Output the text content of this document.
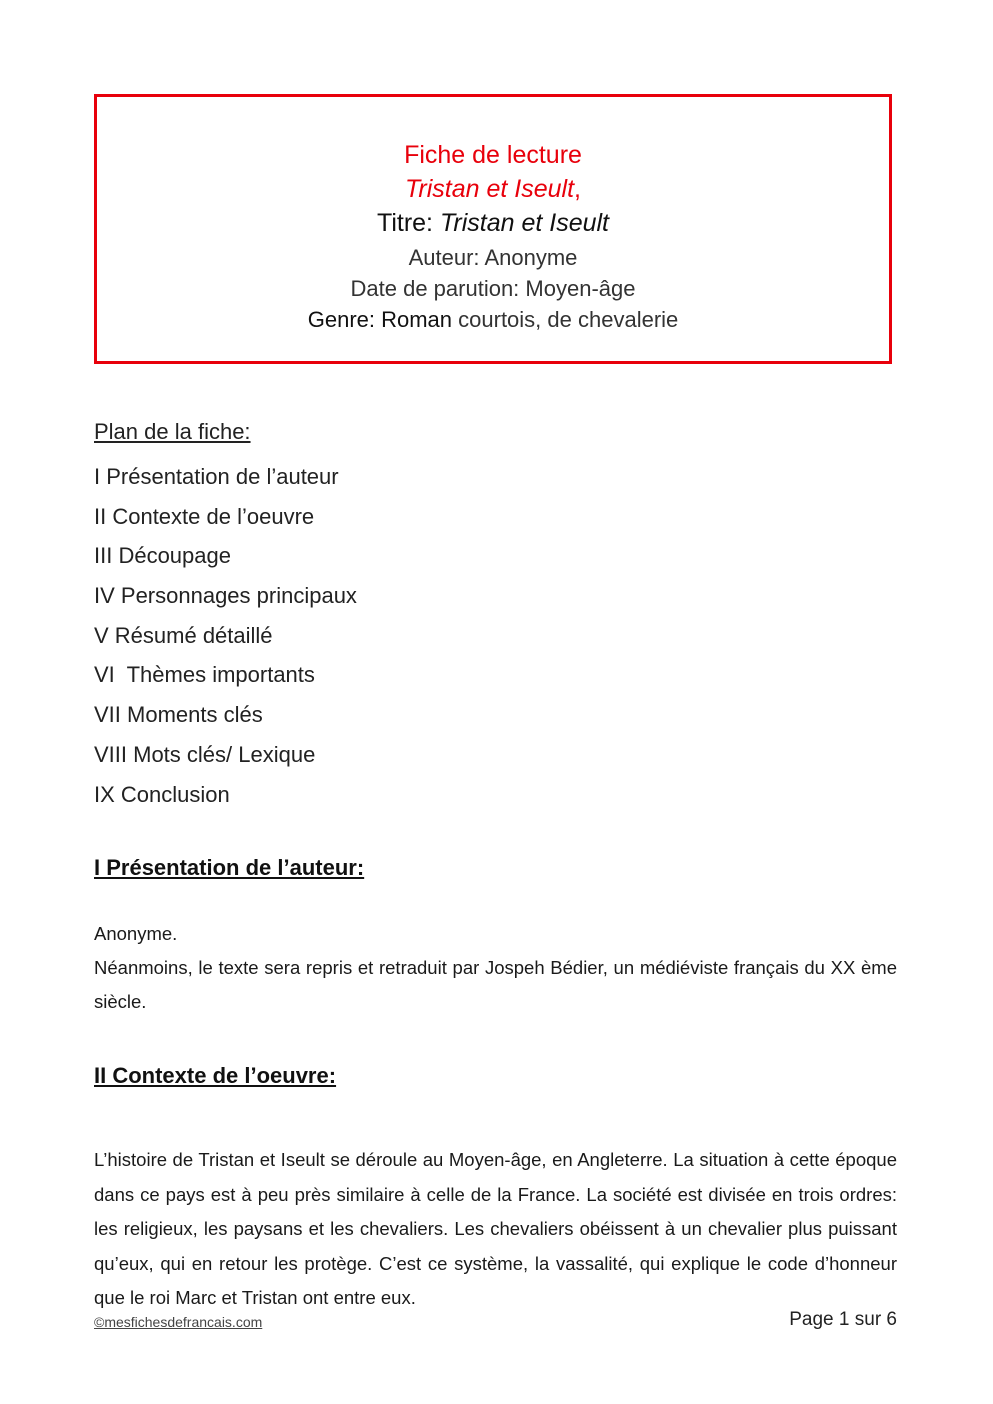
Fiche de lecture
Tristan et Iseult,
Titre: Tristan et Iseult
Auteur: Anonyme
Date de parution: Moyen-âge
Genre: Roman courtois, de chevalerie
Plan de la fiche:
I Présentation de l’auteur
II Contexte de l’oeuvre
III Découpage
IV Personnages principaux
V Résumé détaillé
VI  Thèmes importants
VII Moments clés
VIII Mots clés/ Lexique
IX Conclusion
I Présentation de l’auteur:
Anonyme.
Néanmoins, le texte sera repris et retraduit par Jospeh Bédier, un médiéviste français du XX ème siècle.
II Contexte de l’oeuvre:
L’histoire de Tristan et Iseult se déroule au Moyen-âge, en Angleterre. La situation à cette époque dans ce pays est à peu près similaire à celle de la France. La société est divisée en trois ordres: les religieux, les paysans et les chevaliers. Les chevaliers obéissent à un chevalier plus puissant qu’eux, qui en retour les protège. C’est ce système, la vassalité, qui explique le code d’honneur que le roi Marc et Tristan ont entre eux.
©mesfichesdefrancais.com	Page 1 sur 6
